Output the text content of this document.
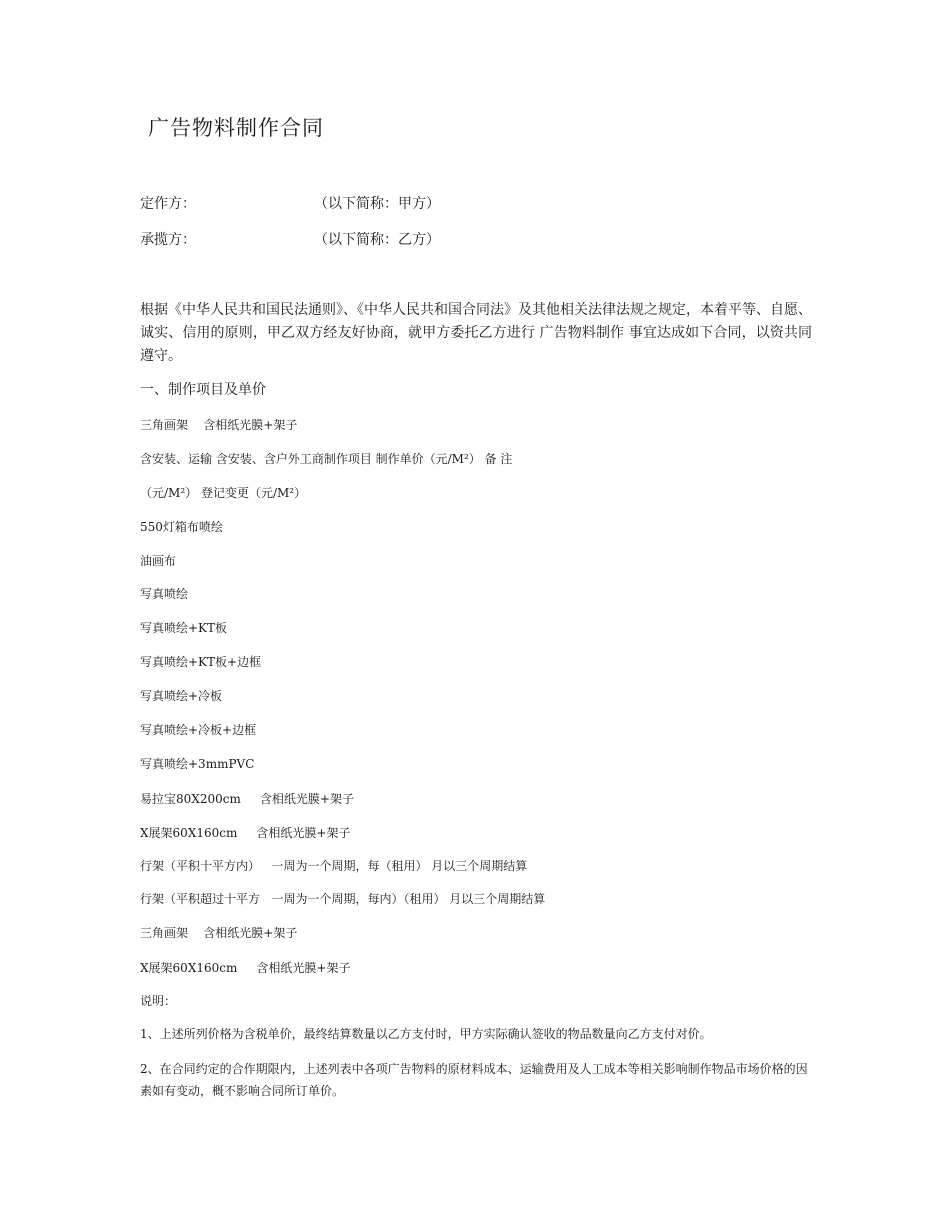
广告物料制作合同
定作方：	（以下简称：甲方）
承揽方：	（以下简称：乙方）

根据《中华人民共和国民法通则》、《中华人民共和国合同法》及其他相关法律法规之规定，本着平等、自愿、诚实、信用的原则，甲乙双方经友好协商，就甲方委托乙方进行 广告物料制作 事宜达成如下合同，以资共同遵守。

一、制作项目及单价
三角画架    含相纸光膜+架子
含安装、运输 含安装、含户外工商制作项目 制作单价（元/M²） 备 注
（元/M²） 登记变更（元/M²）
550灯箱布喷绘
油画布
写真喷绘
写真喷绘+KT板
写真喷绘+KT板+边框
写真喷绘+冷板
写真喷绘+冷板+边框
写真喷绘+3mmPVC
易拉宝80X200cm     含相纸光膜+架子
X展架60X160cm     含相纸光膜+架子
行架（平积十平方内）   一周为一个周期，每（租用） 月以三个周期结算
行架（平积超过十平方   一周为一个周期，每内）（租用） 月以三个周期结算
三角画架    含相纸光膜+架子
X展架60X160cm     含相纸光膜+架子
说明：

1、上述所列价格为含税单价，最终结算数量以乙方支付时，甲方实际确认签收的物品数量向乙方支付对价。

2、在合同约定的合作期限内，上述列表中各项广告物料的原材料成本、运输费用及人工成本等相关影响制作物品市场价格的因素如有变动，概不影响合同所订单价。
